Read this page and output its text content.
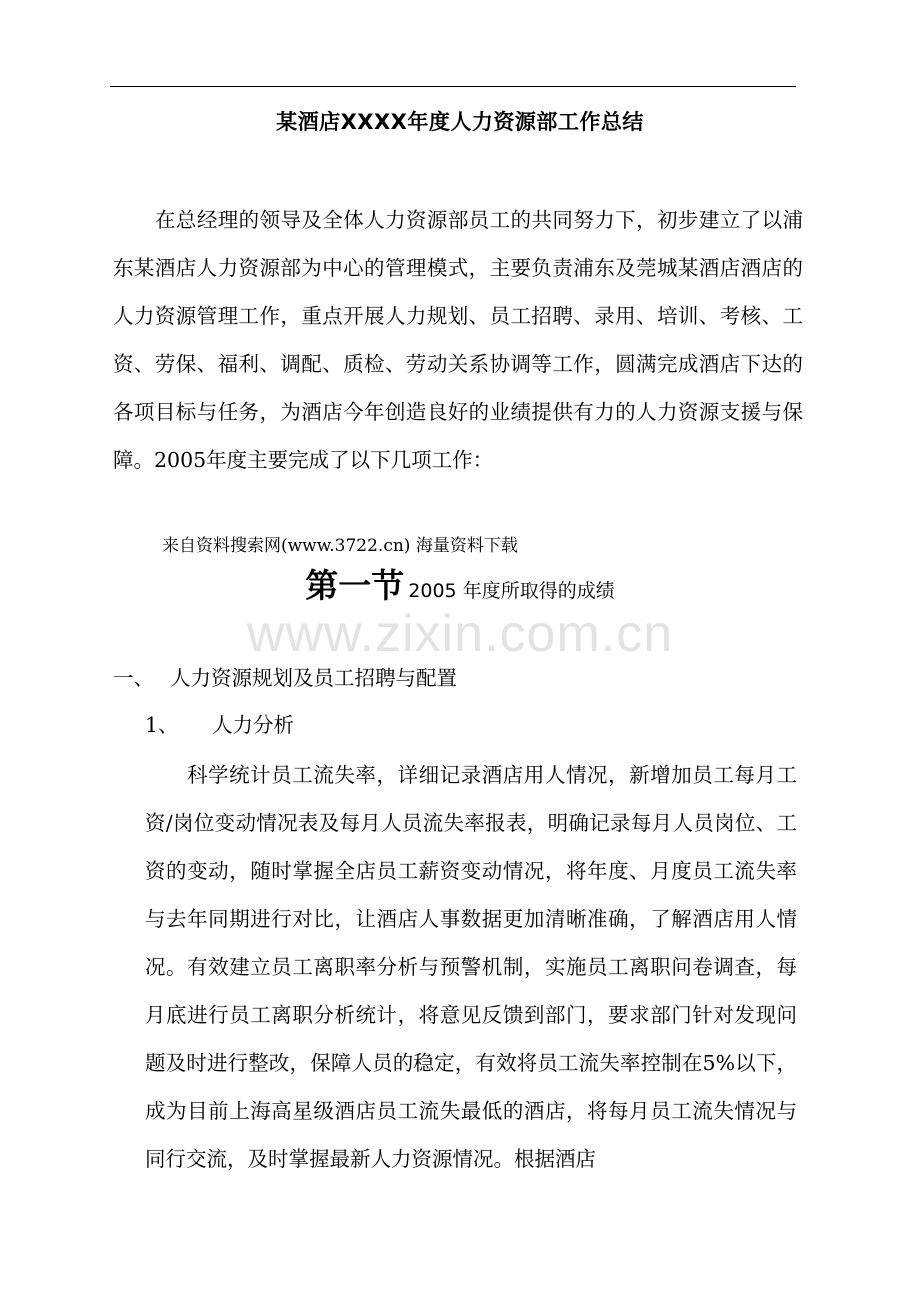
某酒店XXXX年度人力资源部工作总结

在总经理的领导及全体人力资源部员工的共同努力下，初步建立了以浦东某酒店人力资源部为中心的管理模式，主要负责浦东及莞城某酒店酒店的人力资源管理工作，重点开展人力规划、员工招聘、录用、培训、考核、工资、劳保、福利、调配、质检、劳动关系协调等工作，圆满完成酒店下达的各项目标与任务，为酒店今年创造良好的业绩提供有力的人力资源支援与保障。2005年度主要完成了以下几项工作：

来自资料搜索网(www.3722.cn) 海量资料下载
第一节 2005 年度所取得的成绩
www.zixin.com.cn
一、 人力资源规划及员工招聘与配置
1、 人力分析

科学统计员工流失率，详细记录酒店用人情况，新增加员工每月工资/岗位变动情况表及每月人员流失率报表，明确记录每月人员岗位、工资的变动，随时掌握全店员工薪资变动情况，将年度、月度员工流失率与去年同期进行对比，让酒店人事数据更加清晰准确，了解酒店用人情况。有效建立员工离职率分析与预警机制，实施员工离职问卷调查，每月底进行员工离职分析统计，将意见反馈到部门，要求部门针对发现问题及时进行整改，保障人员的稳定，有效将员工流失率控制在5%以下，成为目前上海高星级酒店员工流失最低的酒店，将每月员工流失情况与同行交流，及时掌握最新人力资源情况。根据酒店
